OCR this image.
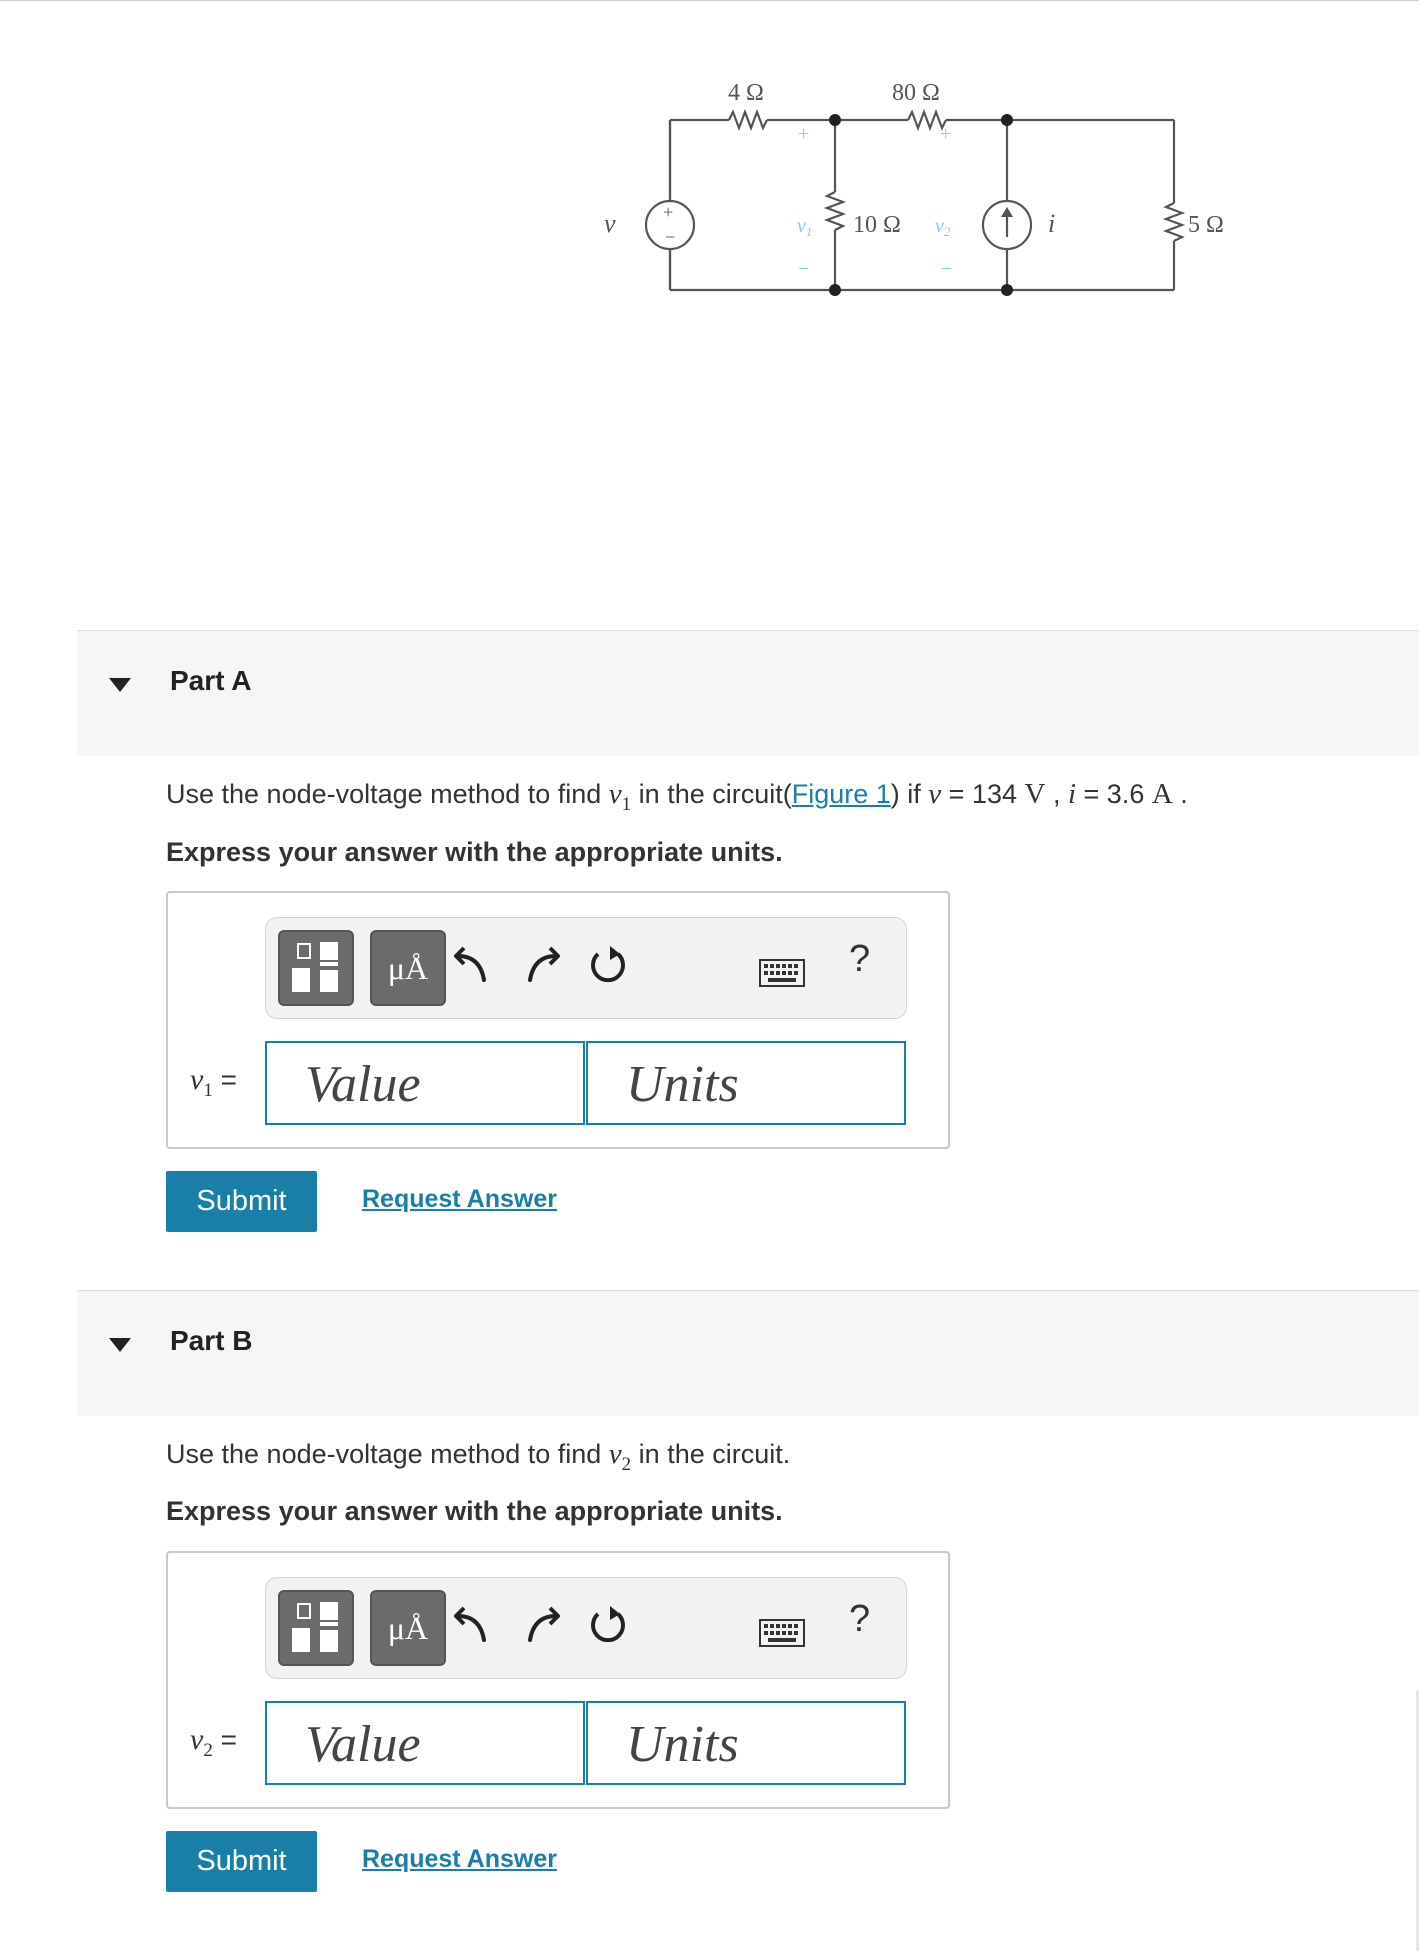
+
−
4 Ω	80 Ω
10 Ω	5 Ω
v	i
+
−
$v_1$
+
−
$v_2$
Part A
Use the node-voltage method to find $v_1$ in the circuit(Figure 1) if v = 134 V , i = 3.6 A .
Express your answer with the appropriate units.
μÅ	?
$v_1$ = Value	Units
Submit	Request Answer
Part B
Use the node-voltage method to find $v_2$ in the circuit.
Express your answer with the appropriate units.
μÅ	?
$v_2$ = Value	Units
Submit	Request Answer
